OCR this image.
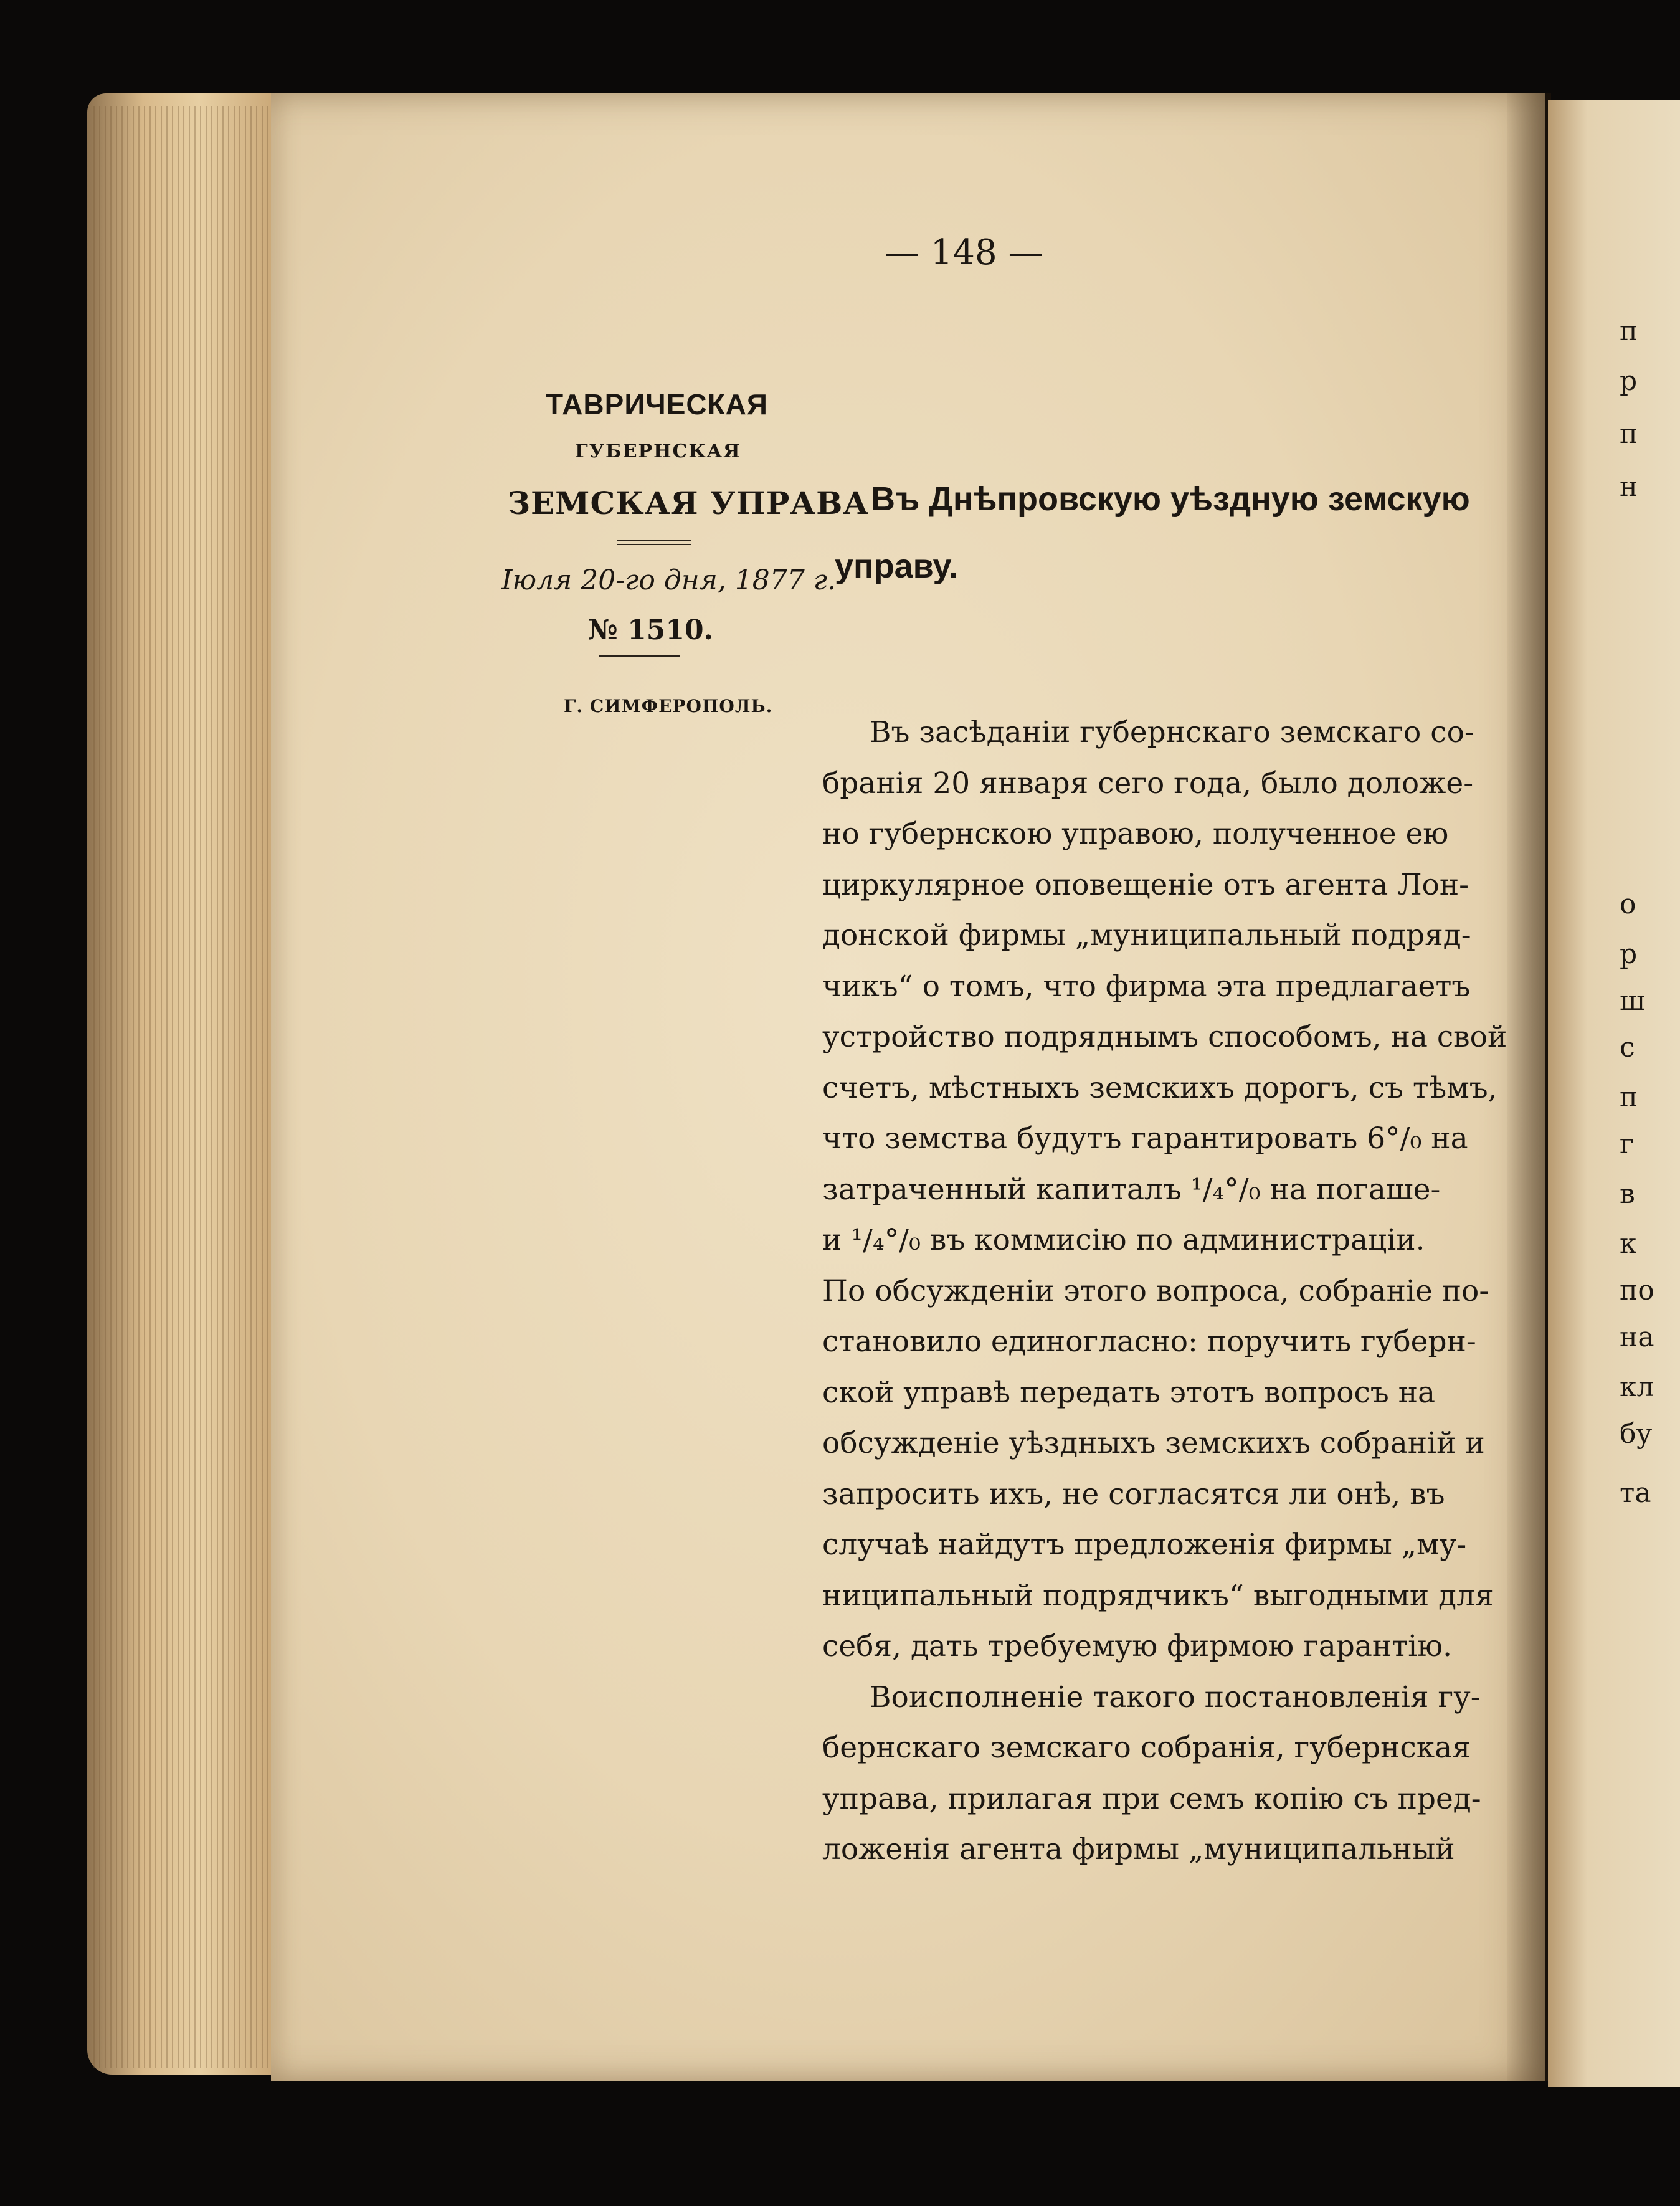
— 148 —
ТАВРИЧЕСКАЯ
ГУБЕРНСКАЯ
ЗЕМСКАЯ УПРАВА
Іюля 20-го дня, 1877 г.
№ 1510.
Г. СИМФЕРОПОЛЬ.
Въ Днѣпровскую уѣздную земскую
управу.
Въ засѣданіи губернскаго земскаго со-
бранія 20 января сего года, было доложе-
но губернскою управою, полученное ею
циркулярное оповещеніе отъ агента Лон-
донской фирмы „муниципальный подряд-
чикъ“ о томъ, что фирма эта предлагаетъ
устройство подряднымъ способомъ, на свой
счетъ, мѣстныхъ земскихъ дорогъ, съ тѣмъ,
что земства будутъ гарантировать 6°/₀ на
затраченный капиталъ ¹/₄°/₀ на погаше-
и ¹/₄°/₀ въ коммисію по администраціи.
По обсужденіи этого вопроса, собраніе по-
становило единогласно: поручить губерн-
ской управѣ передать этотъ вопросъ на
обсужденіе уѣздныхъ земскихъ собраній и
запросить ихъ, не согласятся ли онѣ, въ
случаѣ найдутъ предложенія фирмы „му-
ниципальный подрядчикъ“ выгодными для
себя, дать требуемую фирмою гарантію.
Воисполненіе такого постановленія гу-
бернскаго земскаго собранія, губернская
управа, прилагая при семъ копію съ пред-
ложенія агента фирмы „муниципальный
п
р
п
н
о
р
ш
с
п
г
в
к
по
на
кл
бу
та
